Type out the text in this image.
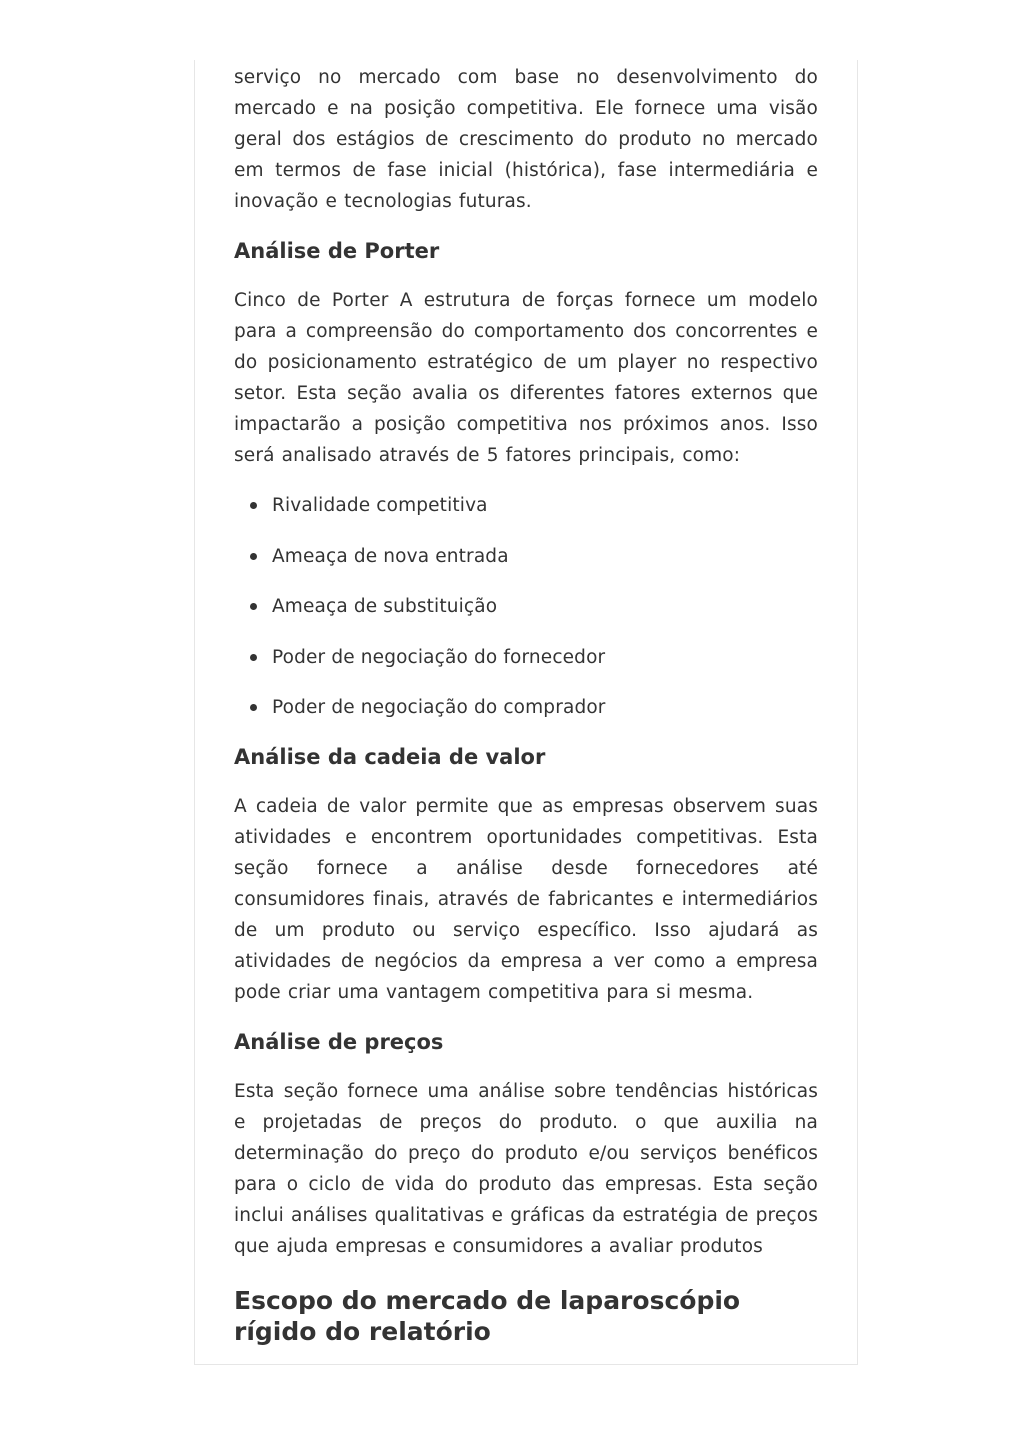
serviço no mercado com base no desenvolvimento do mercado e na posição competitiva. Ele fornece uma visão geral dos estágios de crescimento do produto no mercado em termos de fase inicial (histórica), fase intermediária e inovação e tecnologias futuras.

Análise de Porter

Cinco de Porter A estrutura de forças fornece um modelo para a compreensão do comportamento dos concorrentes e do posicionamento estratégico de um player no respectivo setor. Esta seção avalia os diferentes fatores externos que impactarão a posição competitiva nos próximos anos. Isso será analisado através de 5 fatores principais, como:

Rivalidade competitiva
Ameaça de nova entrada
Ameaça de substituição
Poder de negociação do fornecedor
Poder de negociação do comprador
Análise da cadeia de valor

A cadeia de valor permite que as empresas observem suas atividades e encontrem oportunidades competitivas. Esta seção fornece a análise desde fornecedores até consumidores finais, através de fabricantes e intermediários de um produto ou serviço específico. Isso ajudará as atividades de negócios da empresa a ver como a empresa pode criar uma vantagem competitiva para si mesma.

Análise de preços

Esta seção fornece uma análise sobre tendências históricas e projetadas de preços do produto. o que auxilia na determinação do preço do produto e/ou serviços benéficos para o ciclo de vida do produto das empresas. Esta seção inclui análises qualitativas e gráficas da estratégia de preços que ajuda empresas e consumidores a avaliar produtos

Escopo do mercado de laparoscópio rígido do relatório
